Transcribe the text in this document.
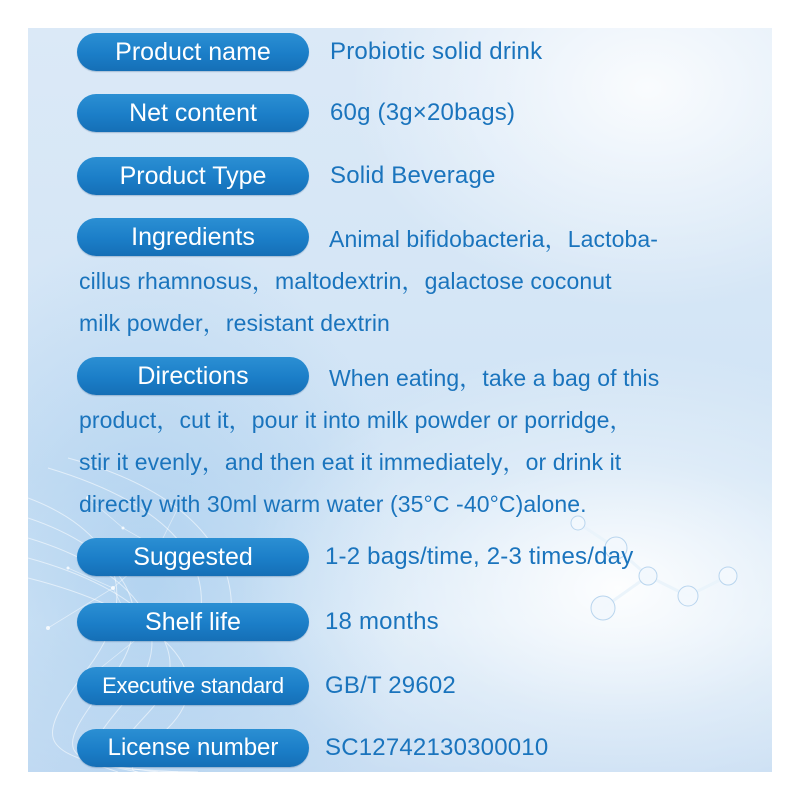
Product name	Probiotic solid drink
Net content	60g (3g×20bags)
Product Type	Solid Beverage
Ingredients	Animal bifidobacteria，Lactoba-
cillus rhamnosus，maltodextrin，galactose coconut
milk powder，resistant dextrin
Directions	When eating，take a bag of this
product，cut it，pour it into milk powder or porridge，
stir it evenly，and then eat it immediately，or drink it
directly with 30ml warm water (35°C -40°C)alone.
Suggested	1-2 bags/time, 2-3 times/day
Shelf life	18 months
Executive standard	GB/T 29602
License number	SC12742130300010
